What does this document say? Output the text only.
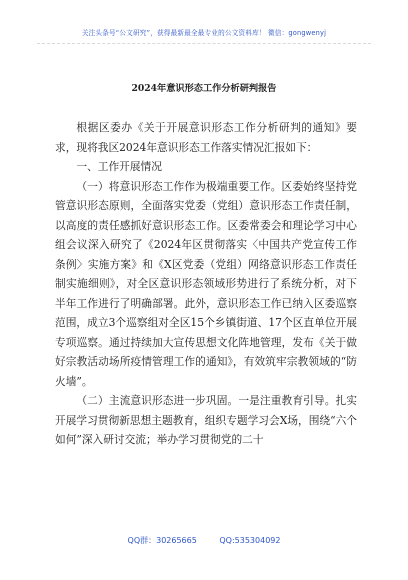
关注头条号“公文研究”，获得最新最全最专业的公文资料库！ 微信：gongwenyj
2024年意识形态工作分析研判报告

根据区委办《关于开展意识形态工作分析研判的通知》要求，现将我区2024年意识形态工作落实情况汇报如下：

一、工作开展情况

（一）将意识形态工作作为极端重要工作。区委始终坚持党管意识形态原则，全面落实党委（党组）意识形态工作责任制，以高度的责任感抓好意识形态工作。区委常委会和理论学习中心组会议深入研究了《2024年区贯彻落实〈中国共产党宣传工作条例〉实施方案》和《X区党委（党组）网络意识形态工作责任制实施细则》，对全区意识形态领域形势进行了系统分析，对下半年工作进行了明确部署。此外，意识形态工作已纳入区委巡察范围，成立3个巡察组对全区15个乡镇街道、17个区直单位开展专项巡察。通过持续加大宣传思想文化阵地管理，发布《关于做好宗教活动场所疫情管理工作的通知》，有效筑牢宗教领域的“防火墙”。

（二）主流意识形态进一步巩固。一是注重教育引导。扎实开展学习贯彻新思想主题教育，组织专题学习会X场，围绕“六个如何”深入研讨交流；举办学习贯彻党的二十

QQ群：30265665	QQ:535304092
